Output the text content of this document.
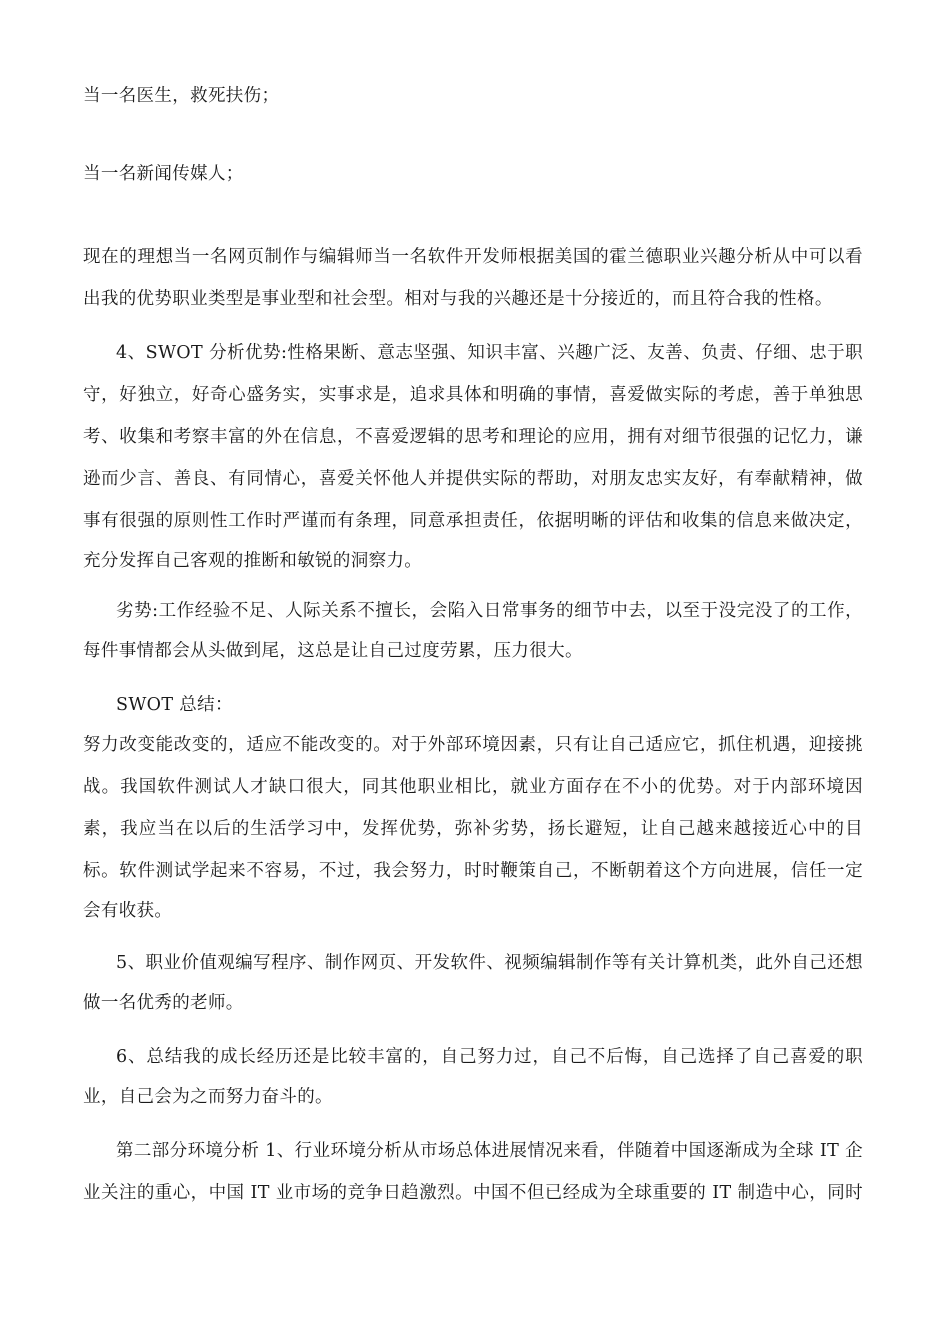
当一名医生，救死扶伤；
当一名新闻传媒人；
现在的理想当一名网页制作与编辑师当一名软件开发师根据美国的霍兰德职业兴趣分析从中可以看
出我的优势职业类型是事业型和社会型。相对与我的兴趣还是十分接近的，而且符合我的性格。
4、SWOT 分析优势:性格果断、意志坚强、知识丰富、兴趣广泛、友善、负责、仔细、忠于职
守，好独立，好奇心盛务实，实事求是，追求具体和明确的事情，喜爱做实际的考虑，善于单独思
考、收集和考察丰富的外在信息，不喜爱逻辑的思考和理论的应用，拥有对细节很强的记忆力，谦
逊而少言、善良、有同情心，喜爱关怀他人并提供实际的帮助，对朋友忠实友好，有奉献精神，做
事有很强的原则性工作时严谨而有条理，同意承担责任，依据明晰的评估和收集的信息来做决定，
充分发挥自己客观的推断和敏锐的洞察力。
劣势:工作经验不足、人际关系不擅长，会陷入日常事务的细节中去，以至于没完没了的工作，
每件事情都会从头做到尾，这总是让自己过度劳累，压力很大。
SWOT 总结：
努力改变能改变的，适应不能改变的。对于外部环境因素，只有让自己适应它，抓住机遇，迎接挑
战。我国软件测试人才缺口很大，同其他职业相比，就业方面存在不小的优势。对于内部环境因
素，我应当在以后的生活学习中，发挥优势，弥补劣势，扬长避短，让自己越来越接近心中的目
标。软件测试学起来不容易，不过，我会努力，时时鞭策自己，不断朝着这个方向进展，信任一定
会有收获。
5、职业价值观编写程序、制作网页、开发软件、视频编辑制作等有关计算机类，此外自己还想
做一名优秀的老师。
6、总结我的成长经历还是比较丰富的，自己努力过，自己不后悔，自己选择了自己喜爱的职
业，自己会为之而努力奋斗的。
第二部分环境分析 1、行业环境分析从市场总体进展情况来看，伴随着中国逐渐成为全球 IT 企
业关注的重心，中国 IT 业市场的竞争日趋激烈。中国不但已经成为全球重要的 IT 制造中心，同时
